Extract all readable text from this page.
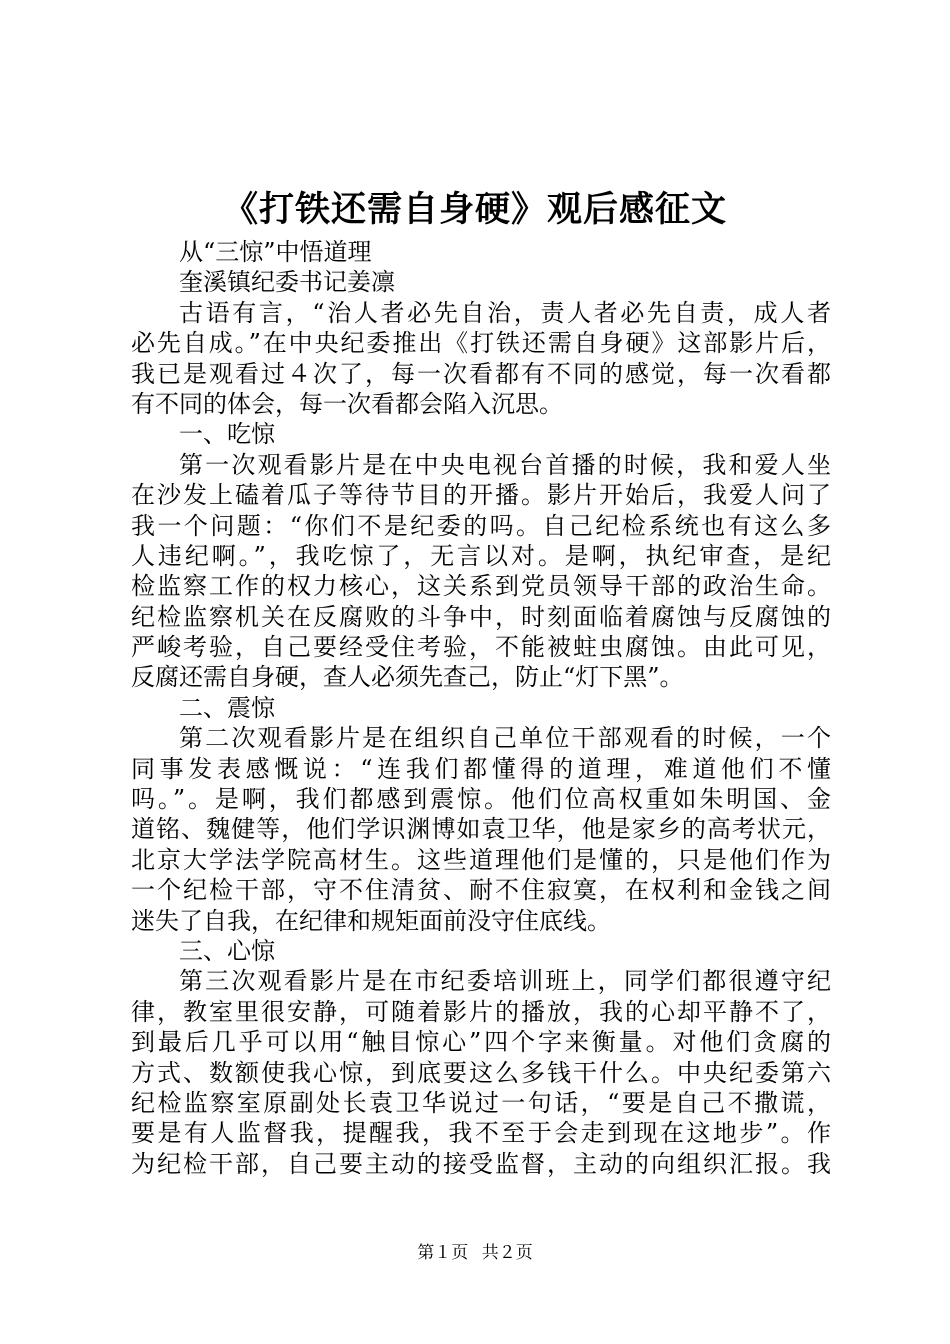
《打铁还需自身硬》观后感征文
从“三惊”中悟道理
奎溪镇纪委书记姜凛
古语有言，“治人者必先自治，责人者必先自责，成人者
必先自成。”在中央纪委推出《打铁还需自身硬》这部影片后，
我已是观看过４次了，每一次看都有不同的感觉，每一次看都
有不同的体会，每一次看都会陷入沉思。
一、吃惊
第一次观看影片是在中央电视台首播的时候，我和爱人坐
在沙发上磕着瓜子等待节目的开播。影片开始后，我爱人问了
我一个问题：“你们不是纪委的吗。自己纪检系统也有这么多
人违纪啊。”，我吃惊了，无言以对。是啊，执纪审查，是纪
检监察工作的权力核心，这关系到党员领导干部的政治生命。
纪检监察机关在反腐败的斗争中，时刻面临着腐蚀与反腐蚀的
严峻考验，自己要经受住考验，不能被蛀虫腐蚀。由此可见，
反腐还需自身硬，查人必须先查己，防止“灯下黑”。
二、震惊
第二次观看影片是在组织自己单位干部观看的时候，一个
同事发表感慨说：“连我们都懂得的道理，难道他们不懂
吗。”。是啊，我们都感到震惊。他们位高权重如朱明国、金
道铭、魏健等，他们学识渊博如袁卫华，他是家乡的高考状元，
北京大学法学院高材生。这些道理他们是懂的，只是他们作为
一个纪检干部，守不住清贫、耐不住寂寞，在权利和金钱之间
迷失了自我，在纪律和规矩面前没守住底线。
三、心惊
第三次观看影片是在市纪委培训班上，同学们都很遵守纪
律，教室里很安静，可随着影片的播放，我的心却平静不了，
到最后几乎可以用“触目惊心”四个字来衡量。对他们贪腐的
方式、数额使我心惊，到底要这么多钱干什么。中央纪委第六
纪检监察室原副处长袁卫华说过一句话，“要是自己不撒谎，
要是有人监督我，提醒我，我不至于会走到现在这地步”。作
为纪检干部，自己要主动的接受监督，主动的向组织汇报。我
第１页 共２页
